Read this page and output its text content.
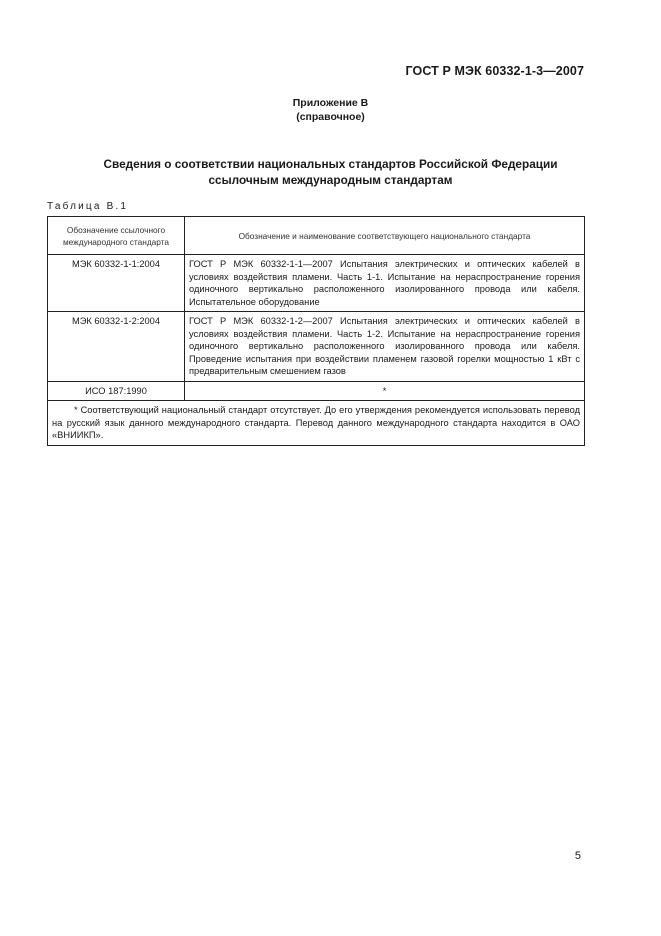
ГОСТ Р МЭК 60332-1-3—2007
Приложение В
(справочное)
Сведения о соответствии национальных стандартов Российской Федерации
ссылочным международным стандартам
Таблица В.1
Обозначение ссылочного международного стандарта	Обозначение и наименование соответствующего национального стандарта
МЭК 60332-1-1:2004	ГОСТ Р МЭК 60332-1-1—2007 Испытания электрических и оптических кабелей в условиях воздействия пламени. Часть 1-1. Испытание на нераспространение горения одиночного вертикально расположенного изолированного провода или кабеля. Испытательное оборудование
МЭК 60332-1-2:2004	ГОСТ Р МЭК 60332-1-2—2007 Испытания электрических и оптических кабелей в условиях воздействия пламени. Часть 1-2. Испытание на нераспространение горения одиночного вертикально расположенного изолированного провода или кабеля. Проведение испытания при воздействии пламенем газовой горелки мощностью 1 кВт с предварительным смешением газов
ИСО 187:1990	*
* Соответствующий национальный стандарт отсутствует. До его утверждения рекомендуется использовать перевод на русский язык данного международного стандарта. Перевод данного международного стандарта находится в ОАО «ВНИИКП».	
5
